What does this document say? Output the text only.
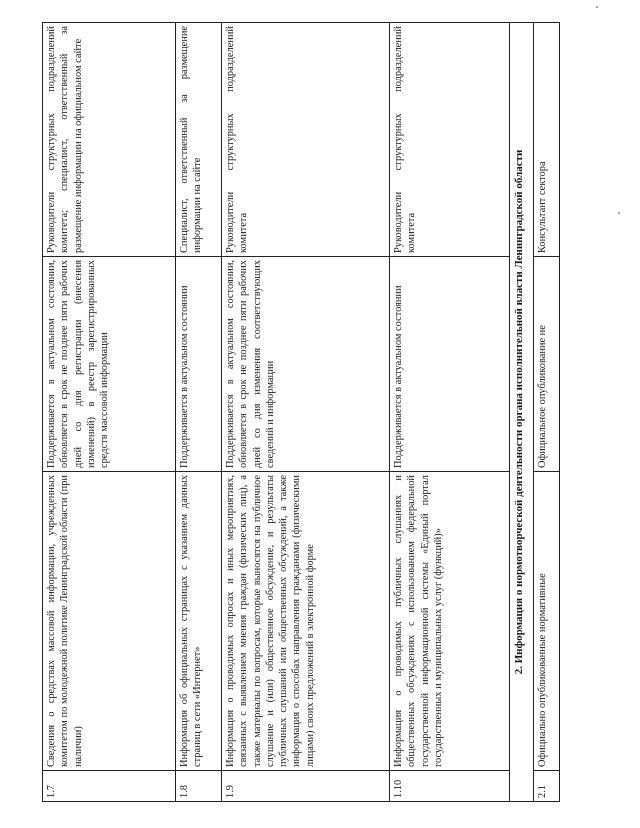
1.7	Сведения о средствах массовой информации, учрежденных комитетом по молодежной политике Ленинградской области (при наличии)	Поддерживается в актуальном состоянии, обновляется в срок не позднее пяти рабочих дней со дня регистрации (внесения изменений) в реестр зарегистрированных средств массовой информации	Руководители структурных подразделений комитета; специалист, ответственный за размещение информации на официальном сайте
1.8	Информация об официальных страницах с указанием данных страниц в сети «Интернет»	Поддерживается в актуальном состоянии	Специалист, ответственный за размещение информации на сайте
1.9	Информация о проводимых опросах и иных мероприятиях, связанных с выявлением мнения граждан (физических лиц), а также материалы по вопросам, которые выносятся на публичное слушание и (или) общественное обсуждение, и результаты публичных слушаний или общественных обсуждений, а также информация о способах направления гражданами (физическими лицами) своих предложений в электронной форме	Поддерживается в актуальном состоянии, обновляется в срок не позднее пяти рабочих дней со дня изменения соответствующих сведений и информации	Руководители структурных подразделений комитета
1.10	Информация о проводимых публичных слушаниях и общественных обсуждениях с использованием федеральной государственной информационной системы «Единый портал государственных и муниципальных услуг (функций)»	Поддерживается в актуальном состоянии	Руководители структурных подразделений комитета
2. Информация о нормотворческой деятельности органа исполнительной власти Ленинградской области			
2.1	Официально опубликованные нормативные	Официальное опубликование не	Консультант сектора
